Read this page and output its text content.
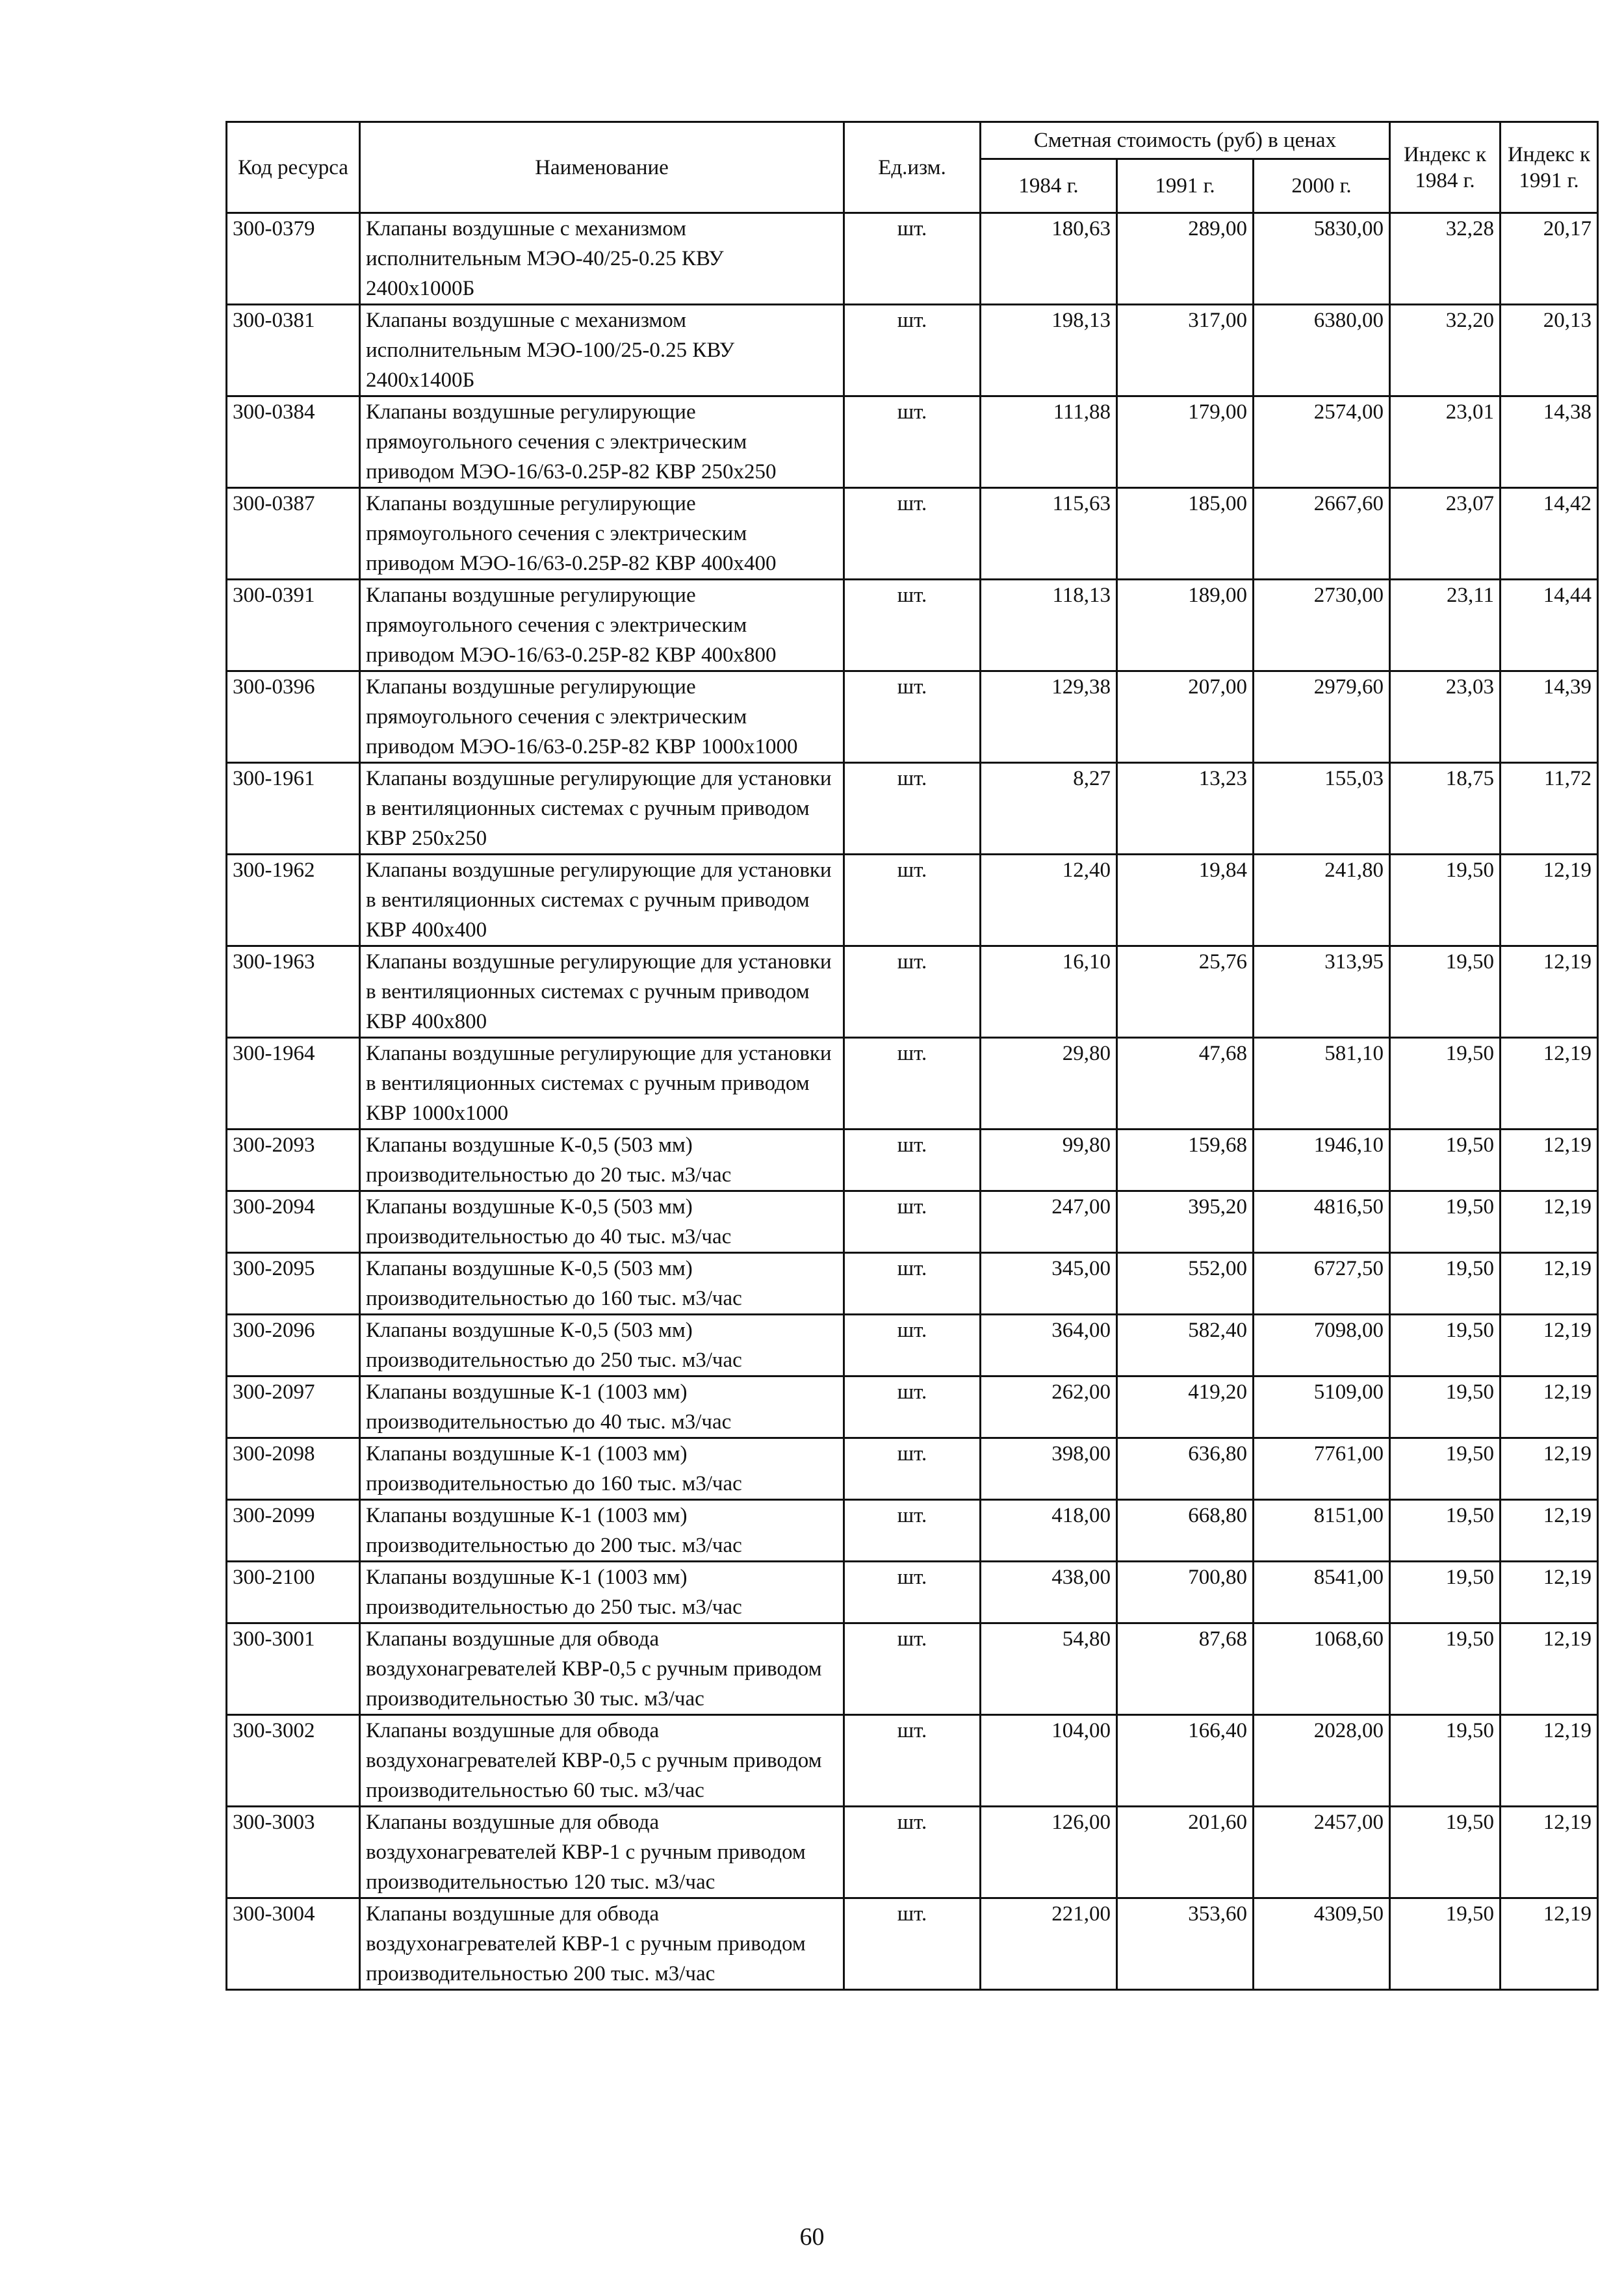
Код ресурса	Наименование	Ед.изм.	Сметная стоимость (руб) в ценах			Индекс к 1984 г.	Индекс к 1991 г.
			1984 г.	1991 г.	2000 г.		
300-0379	Клапаны воздушные с механизмом исполнительным МЭО-40/25-0.25 КВУ 2400х1000Б	шт.	180,63	289,00	5830,00	32,28	20,17
300-0381	Клапаны воздушные с механизмом исполнительным МЭО-100/25-0.25 КВУ 2400х1400Б	шт.	198,13	317,00	6380,00	32,20	20,13
300-0384	Клапаны воздушные регулирующие прямоугольного сечения с электрическим приводом МЭО-16/63-0.25Р-82 КВР 250х250	шт.	111,88	179,00	2574,00	23,01	14,38
300-0387	Клапаны воздушные регулирующие прямоугольного сечения с электрическим приводом МЭО-16/63-0.25Р-82 КВР 400х400	шт.	115,63	185,00	2667,60	23,07	14,42
300-0391	Клапаны воздушные регулирующие прямоугольного сечения с электрическим приводом МЭО-16/63-0.25Р-82 КВР 400х800	шт.	118,13	189,00	2730,00	23,11	14,44
300-0396	Клапаны воздушные регулирующие прямоугольного сечения с электрическим приводом МЭО-16/63-0.25Р-82 КВР 1000х1000	шт.	129,38	207,00	2979,60	23,03	14,39
300-1961	Клапаны воздушные регулирующие для установки в вентиляционных системах с ручным приводом КВР 250х250	шт.	8,27	13,23	155,03	18,75	11,72
300-1962	Клапаны воздушные регулирующие для установки в вентиляционных системах с ручным приводом КВР 400х400	шт.	12,40	19,84	241,80	19,50	12,19
300-1963	Клапаны воздушные регулирующие для установки в вентиляционных системах с ручным приводом КВР 400х800	шт.	16,10	25,76	313,95	19,50	12,19
300-1964	Клапаны воздушные регулирующие для установки в вентиляционных системах с ручным приводом КВР 1000х1000	шт.	29,80	47,68	581,10	19,50	12,19
300-2093	Клапаны воздушные К-0,5 (503 мм) производительностью до 20 тыс. м3/час	шт.	99,80	159,68	1946,10	19,50	12,19
300-2094	Клапаны воздушные К-0,5 (503 мм) производительностью до 40 тыс. м3/час	шт.	247,00	395,20	4816,50	19,50	12,19
300-2095	Клапаны воздушные К-0,5 (503 мм) производительностью до 160 тыс. м3/час	шт.	345,00	552,00	6727,50	19,50	12,19
300-2096	Клапаны воздушные К-0,5 (503 мм) производительностью до 250 тыс. м3/час	шт.	364,00	582,40	7098,00	19,50	12,19
300-2097	Клапаны воздушные К-1 (1003 мм) производительностью до 40 тыс. м3/час	шт.	262,00	419,20	5109,00	19,50	12,19
300-2098	Клапаны воздушные К-1 (1003 мм) производительностью до 160 тыс. м3/час	шт.	398,00	636,80	7761,00	19,50	12,19
300-2099	Клапаны воздушные К-1 (1003 мм) производительностью до 200 тыс. м3/час	шт.	418,00	668,80	8151,00	19,50	12,19
300-2100	Клапаны воздушные К-1 (1003 мм) производительностью до 250 тыс. м3/час	шт.	438,00	700,80	8541,00	19,50	12,19
300-3001	Клапаны воздушные для обвода воздухонагревателей КВР-0,5 с ручным приводом производительностью 30 тыс. м3/час	шт.	54,80	87,68	1068,60	19,50	12,19
300-3002	Клапаны воздушные для обвода воздухонагревателей КВР-0,5 с ручным приводом производительностью 60 тыс. м3/час	шт.	104,00	166,40	2028,00	19,50	12,19
300-3003	Клапаны воздушные для обвода воздухонагревателей КВР-1 с ручным приводом производительностью 120 тыс. м3/час	шт.	126,00	201,60	2457,00	19,50	12,19
300-3004	Клапаны воздушные для обвода воздухонагревателей КВР-1 с ручным приводом производительностью 200 тыс. м3/час	шт.	221,00	353,60	4309,50	19,50	12,19
60
